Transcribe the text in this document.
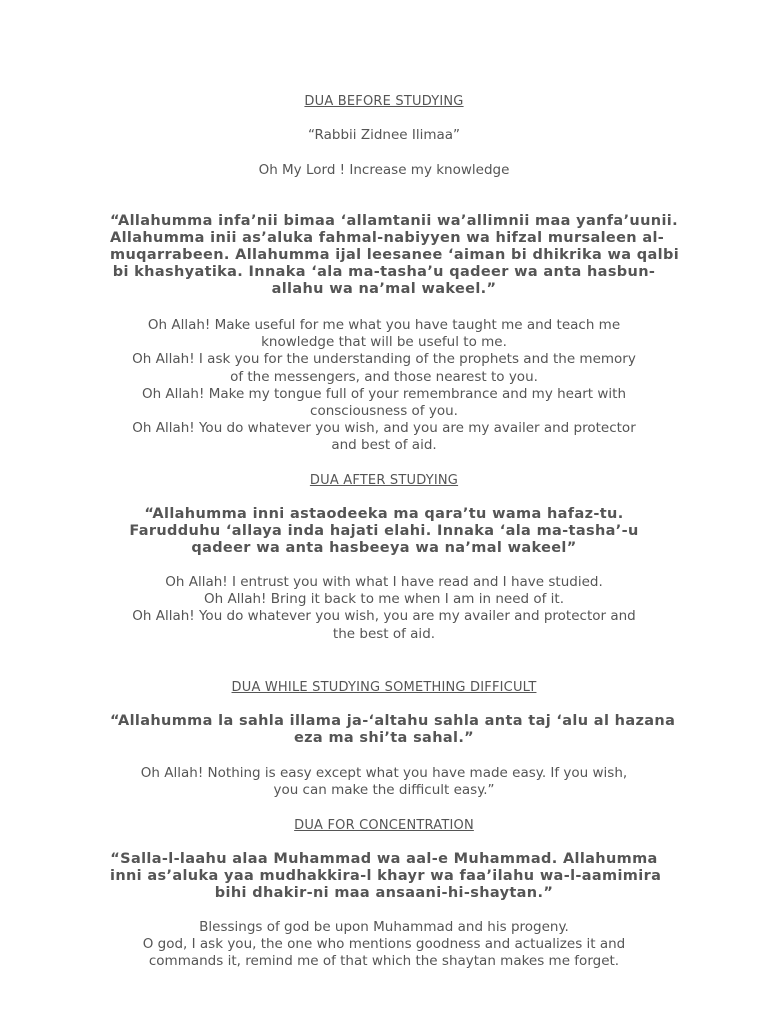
DUA BEFORE STUDYING
“Rabbii Zidnee Ilimaa”
Oh My Lord ! Increase my knowledge
“Allahumma infa’nii bimaa ‘allamtanii wa’allimnii maa yanfa’uunii.
Allahumma inii as’aluka fahmal-nabiyyen wa hifzal mursaleen al-
muqarrabeen. Allahumma ijal leesanee ‘aiman bi dhikrika wa qalbi
bi khashyatika. Innaka ‘ala ma-tasha’u qadeer wa anta hasbun-
allahu wa na’mal wakeel.”
Oh Allah! Make useful for me what you have taught me and teach me
knowledge that will be useful to me.
Oh Allah! I ask you for the understanding of the prophets and the memory
of the messengers, and those nearest to you.
Oh Allah! Make my tongue full of your remembrance and my heart with
consciousness of you.
Oh Allah! You do whatever you wish, and you are my availer and protector
and best of aid.
DUA AFTER STUDYING
“Allahumma inni astaodeeka ma qara’tu wama hafaz-tu.
Farudduhu ‘allaya inda hajati elahi. Innaka ‘ala ma-tasha’-u
qadeer wa anta hasbeeya wa na’mal wakeel”
Oh Allah! I entrust you with what I have read and I have studied.
Oh Allah! Bring it back to me when I am in need of it.
Oh Allah! You do whatever you wish, you are my availer and protector and
the best of aid.
DUA WHILE STUDYING SOMETHING DIFFICULT
“Allahumma la sahla illama ja-‘altahu sahla anta taj ‘alu al hazana
eza ma shi’ta sahal.”
Oh Allah! Nothing is easy except what you have made easy. If you wish,
you can make the difficult easy.”
DUA FOR CONCENTRATION
“Salla-l-laahu alaa Muhammad wa aal-e Muhammad. Allahumma
inni as’aluka yaa mudhakkira-l khayr wa faa’ilahu wa-l-aamimira
bihi dhakir-ni maa ansaani-hi-shaytan.”
Blessings of god be upon Muhammad and his progeny.
O god, I ask you, the one who mentions goodness and actualizes it and
commands it, remind me of that which the shaytan makes me forget.
